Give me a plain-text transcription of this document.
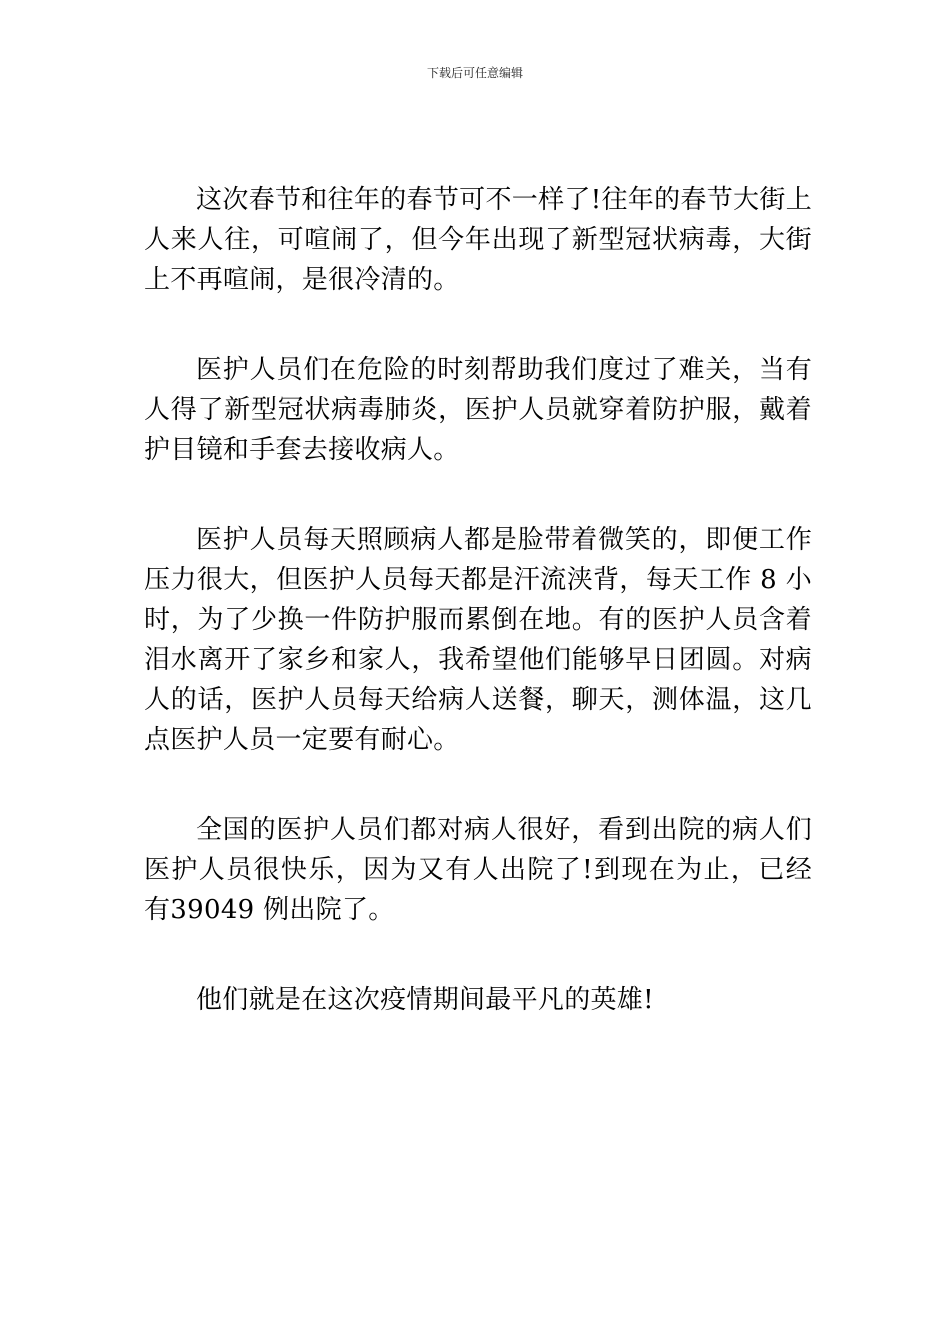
下载后可任意编辑

这次春节和往年的春节可不一样了!往年的春节大街上人来人往，可喧闹了，但今年出现了新型冠状病毒，大街上不再喧闹，是很冷清的。

医护人员们在危险的时刻帮助我们度过了难关，当有人得了新型冠状病毒肺炎，医护人员就穿着防护服，戴着护目镜和手套去接收病人。

医护人员每天照顾病人都是脸带着微笑的，即便工作压力很大，但医护人员每天都是汗流浃背，每天工作 8 小时，为了少换一件防护服而累倒在地。有的医护人员含着泪水离开了家乡和家人，我希望他们能够早日团圆。对病人的话，医护人员每天给病人送餐，聊天，测体温，这几点医护人员一定要有耐心。

全国的医护人员们都对病人很好，看到出院的病人们医护人员很快乐，因为又有人出院了!到现在为止，已经有39049 例出院了。

他们就是在这次疫情期间最平凡的英雄!
